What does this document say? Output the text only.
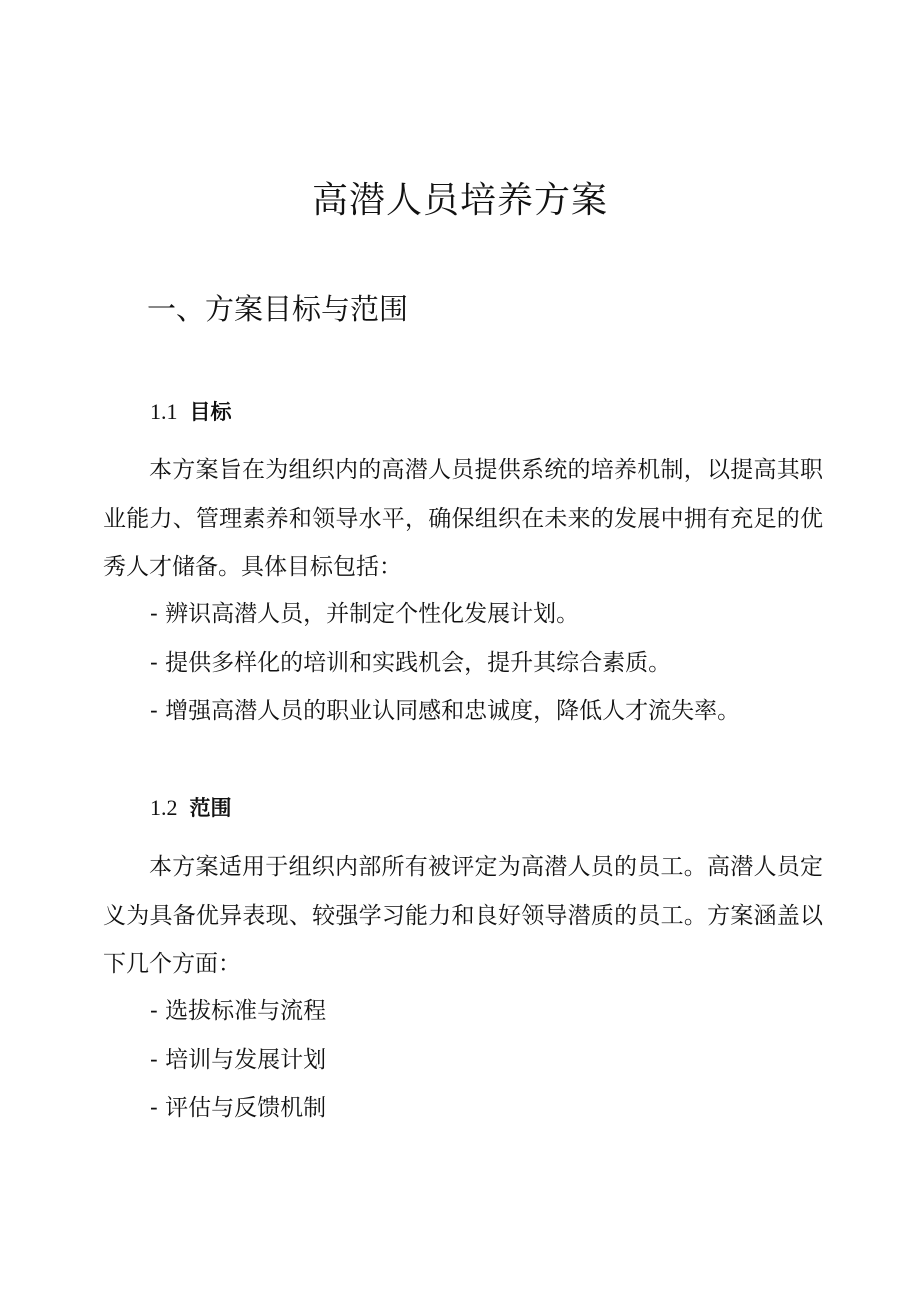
高潜人员培养方案
一、方案目标与范围
1.1 目标

本方案旨在为组织内的高潜人员提供系统的培养机制，以提高其职业能力、管理素养和领导水平，确保组织在未来的发展中拥有充足的优秀人才储备。具体目标包括：

- 辨识高潜人员，并制定个性化发展计划。
- 提供多样化的培训和实践机会，提升其综合素质。
- 增强高潜人员的职业认同感和忠诚度，降低人才流失率。
1.2 范围

本方案适用于组织内部所有被评定为高潜人员的员工。高潜人员定义为具备优异表现、较强学习能力和良好领导潜质的员工。方案涵盖以下几个方面：

- 选拔标准与流程
- 培训与发展计划
- 评估与反馈机制
